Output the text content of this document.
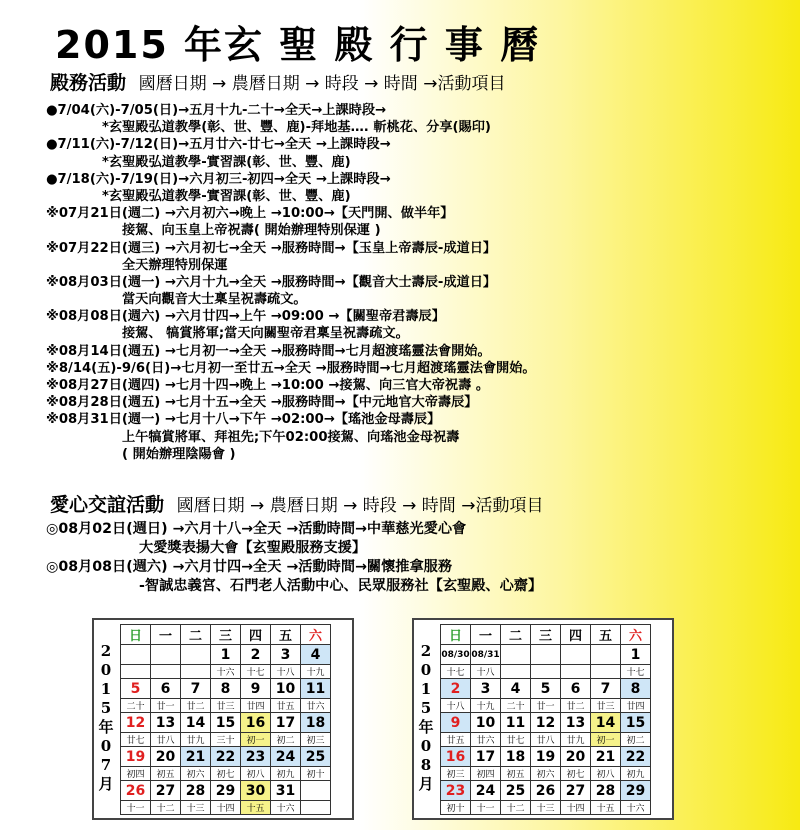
2015 年玄 聖 殿 行 事 曆
殿務活動 國曆日期 → 農曆日期 → 時段 → 時間 →活動項目
●7/04(六)-7/05(日)→五月十九-二十→全天→上課時段→
*玄聖殿弘道教學(彰、世、豐、鹿)-拜地基…. 斬桃花、分享(賜印)
●7/11(六)-7/12(日)→五月廿六-廿七→全天 →上課時段→
*玄聖殿弘道教學-實習課(彰、世、豐、鹿)
●7/18(六)-7/19(日)→六月初三-初四→全天 →上課時段→
*玄聖殿弘道教學-實習課(彰、世、豐、鹿)
※07月21日(週二) →六月初六→晚上 →10:00→【天門開、做半年】
接駕、向玉皇上帝祝壽( 開始辦理特別保運 )
※07月22日(週三) →六月初七→全天 →服務時間→【玉皇上帝壽辰-成道日】
全天辦理特別保運
※08月03日(週一) →六月十九→全天 →服務時間→【觀音大士壽辰-成道日】
當天向觀音大士稟呈祝壽疏文。
※08月08日(週六) →六月廿四→上午 →09:00 →【關聖帝君壽辰】
接駕、 犒賞將軍;當天向關聖帝君稟呈祝壽疏文。
※08月14日(週五) →七月初一→全天 →服務時間→七月超渡瑤靈法會開始。
※8/14(五)-9/6(日)→七月初一至廿五→全天 →服務時間→七月超渡瑤靈法會開始。
※08月27日(週四) →七月十四→晚上 →10:00 →接駕、向三官大帝祝壽 。
※08月28日(週五) →七月十五→全天 →服務時間→【中元地官大帝壽辰】
※08月31日(週一) →七月十八→下午 →02:00→【瑤池金母壽辰】
上午犒賞將軍、拜祖先;下午02:00接駕、向瑤池金母祝壽
( 開始辦理陰陽會 )
愛心交誼活動 國曆日期 → 農曆日期 → 時段 → 時間 →活動項目
◎08月02日(週日) →六月十八→全天 →活動時間→中華慈光愛心會
大愛獎表揚大會【玄聖殿服務支援】
◎08月08日(週六) →六月廿四→全天 →活動時間→關懷推拿服務
-智誠忠義宮、石門老人活動中心、民眾服務社【玄聖殿、心齋】
2
0
1
5
年
0
7
月
日	一	二	三	四	五	六
			1	2	3	4
			十六	十七	十八	十九
5	6	7	8	9	10	11
二十	廿一	廿二	廿三	廿四	廿五	廿六
12	13	14	15	16	17	18
廿七	廿八	廿九	三十	初一	初二	初三
19	20	21	22	23	24	25
初四	初五	初六	初七	初八	初九	初十
26	27	28	29	30	31	
十一	十二	十三	十四	十五	十六	
2
0
1
5
年
0
8
月
日	一	二	三	四	五	六
08/30	08/31					1
十七	十八					十七
2	3	4	5	6	7	8
十八	十九	二十	廿一	廿二	廿三	廿四
9	10	11	12	13	14	15
廿五	廿六	廿七	廿八	廿九	初一	初二
16	17	18	19	20	21	22
初三	初四	初五	初六	初七	初八	初九
23	24	25	26	27	28	29
初十	十一	十二	十三	十四	十五	十六
